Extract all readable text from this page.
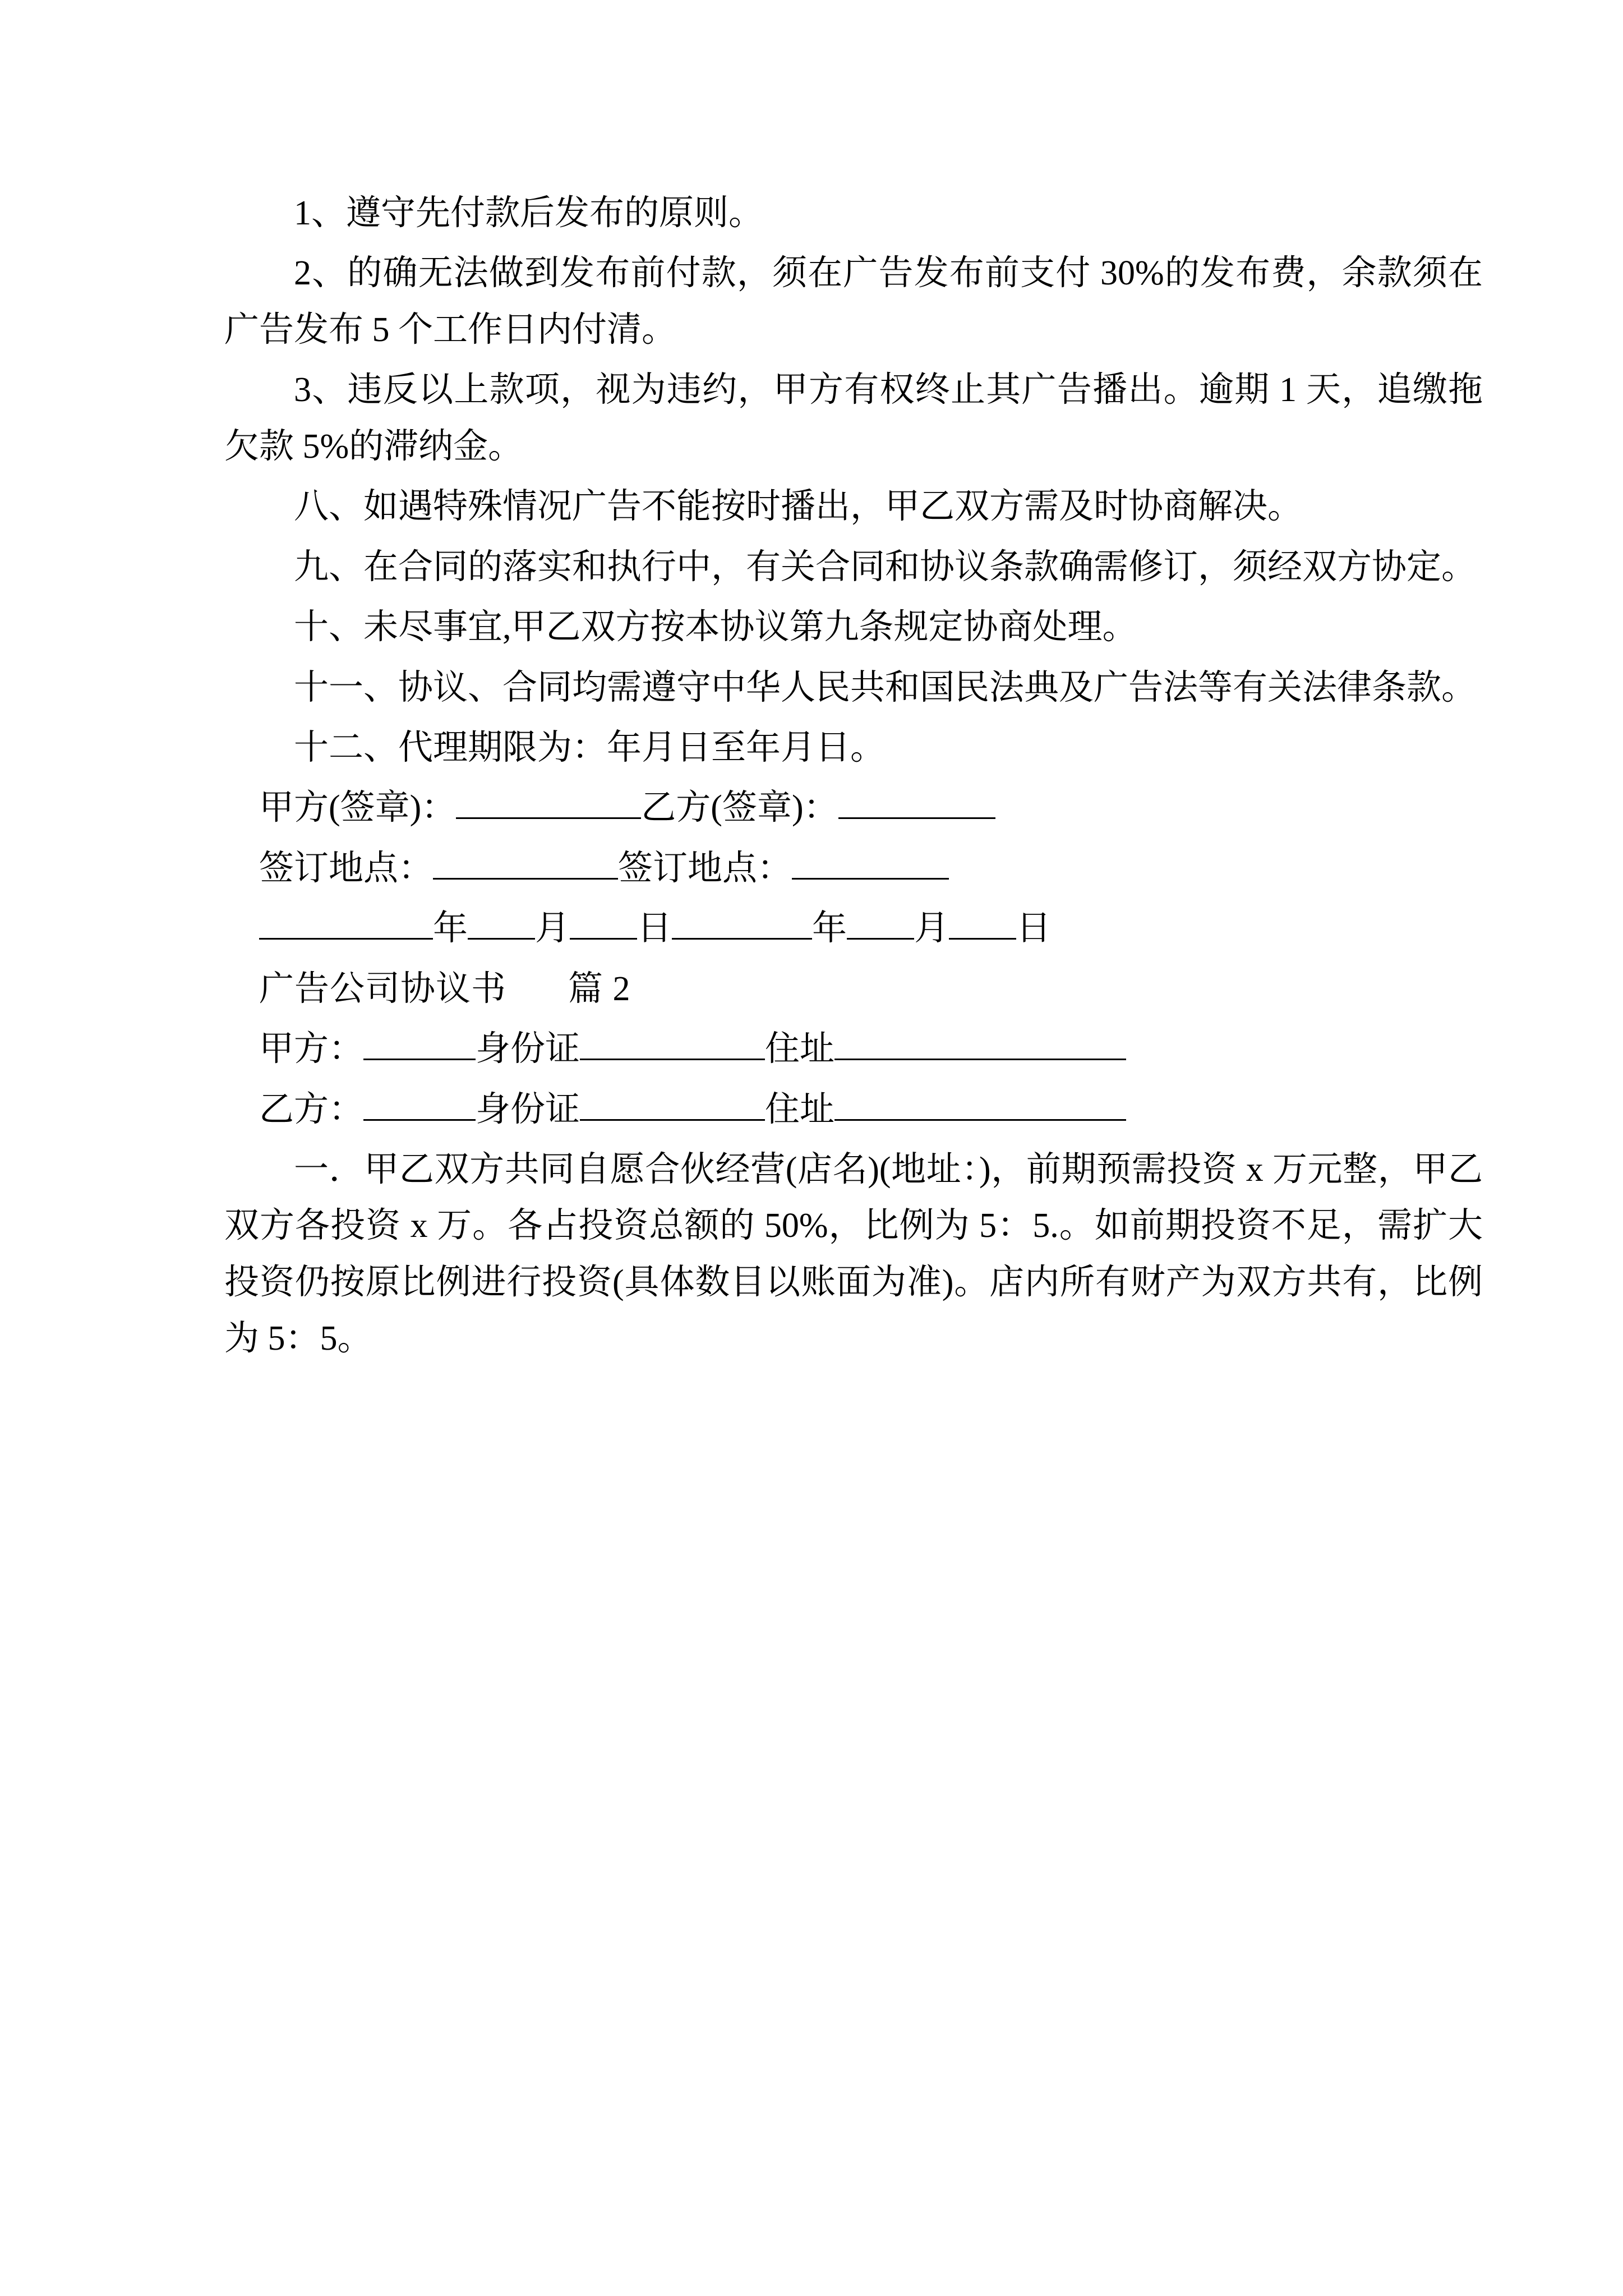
1、遵守先付款后发布的原则。

2、的确无法做到发布前付款，须在广告发布前支付 30%的发布费，余款须在广告发布 5 个工作日内付清。

3、违反以上款项，视为违约，甲方有权终止其广告播出。逾期 1 天，追缴拖欠款 5%的滞纳金。

八、如遇特殊情况广告不能按时播出，甲乙双方需及时协商解决。

九、在合同的落实和执行中，有关合同和协议条款确需修订，须经双方协定。

十、未尽事宜,甲乙双方按本协议第九条规定协商处理。

十一、协议、合同均需遵守中华人民共和国民法典及广告法等有关法律条款。

十二、代理期限为：年月日至年月日。

甲方(签章)：	乙方(签章)：

签订地点：	签订地点：

年 月 日	年 月 日

广告公司协议书 篇 2

甲方：	身份证	住址

乙方：	身份证	住址

一．甲乙双方共同自愿合伙经营(店名)(地址：)，前期预需投资 x 万元整，甲乙双方各投资 x 万。各占投资总额的 50%，比例为 5：5.。如前期投资不足，需扩大投资仍按原比例进行投资(具体数目以账面为准)。店内所有财产为双方共有，比例为 5：5。
